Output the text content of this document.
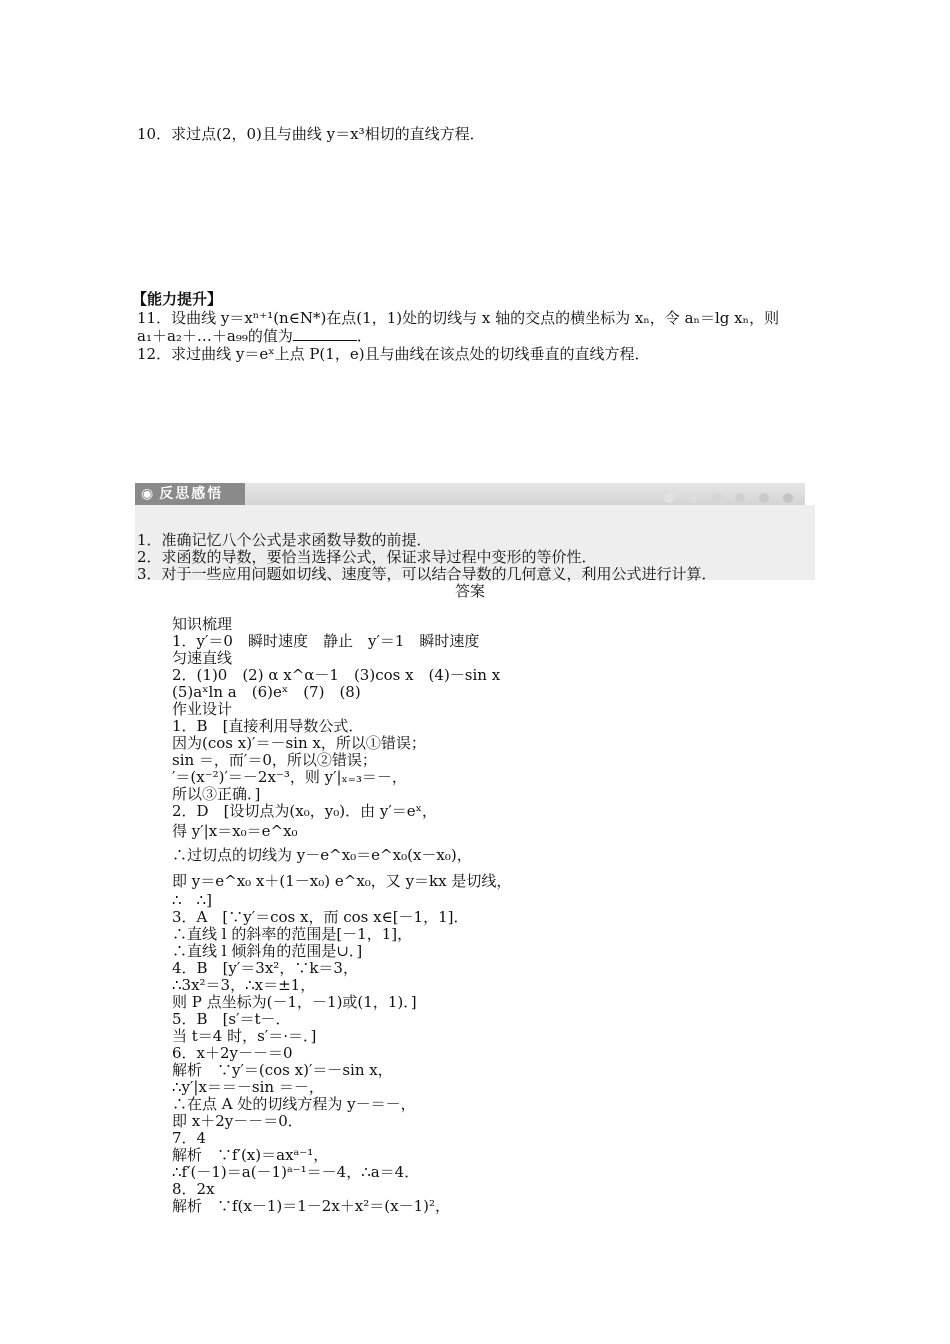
10．求过点(2，0)且与曲线 y＝x³相切的直线方程．
【能力提升】
11．设曲线 y＝xⁿ⁺¹(n∈N*)在点(1，1)处的切线与 x 轴的交点的横坐标为 xₙ，令 aₙ＝lg xₙ，则
a₁＋a₂＋…＋a₉₉的值为	．
12．求过曲线 y＝eˣ上点 P(1，e)且与曲线在该点处的切线垂直的直线方程．
◉ 反思感悟

1．准确记忆八个公式是求函数导数的前提．
2．求函数的导数，要恰当选择公式，保证求导过程中变形的等价性．
3．对于一些应用问题如切线、速度等，可以结合导数的几何意义，利用公式进行计算．
答案
知识梳理
1．y′＝0　瞬时速度　静止　y′＝1　瞬时速度
匀速直线
2．(1)0　(2) α x^α－1　(3)cos x　(4)－sin x
(5)aˣln a　(6)eˣ　(7)　(8)
作业设计
1．B　[直接利用导数公式．
因为(cos x)′＝－sin x，所以①错误；
sin ＝，而′＝0，所以②错误；
′＝(x⁻²)′＝－2x⁻³，则 y′|ₓ₌₃＝－，
所以③正确．]
2．D　[设切点为(x₀，y₀)．由 y′＝eˣ，
得 y′|x＝x₀＝e^x₀
∴过切点的切线为 y－e^x₀＝e^x₀(x－x₀)，
即 y＝e^x₀ x＋(1－x₀) e^x₀，又 y＝kx 是切线，
∴　∴]
3．A　[∵y′＝cos x，而 cos x∈[－1，1]．
∴直线 l 的斜率的范围是[－1，1]，
∴直线 l 倾斜角的范围是∪．]
4．B　[y′＝3x²，∵k＝3，
∴3x²＝3，∴x＝±1，
则 P 点坐标为(－1，－1)或(1，1)．]
5．B　[s′＝t－．
当 t＝4 时，s′＝·＝．]
6．x＋2y－－＝0
解析　∵y′＝(cos x)′＝－sin x，
∴y′|x＝＝－sin ＝－，
∴在点 A 处的切线方程为 y－＝－，
即 x＋2y－－＝0．
7．4
解析　∵f′(x)＝axᵃ⁻¹，
∴f′(－1)＝a(－1)ᵃ⁻¹＝－4，∴a＝4．
8．2x
解析　∵f(x－1)＝1－2x＋x²＝(x－1)²，
